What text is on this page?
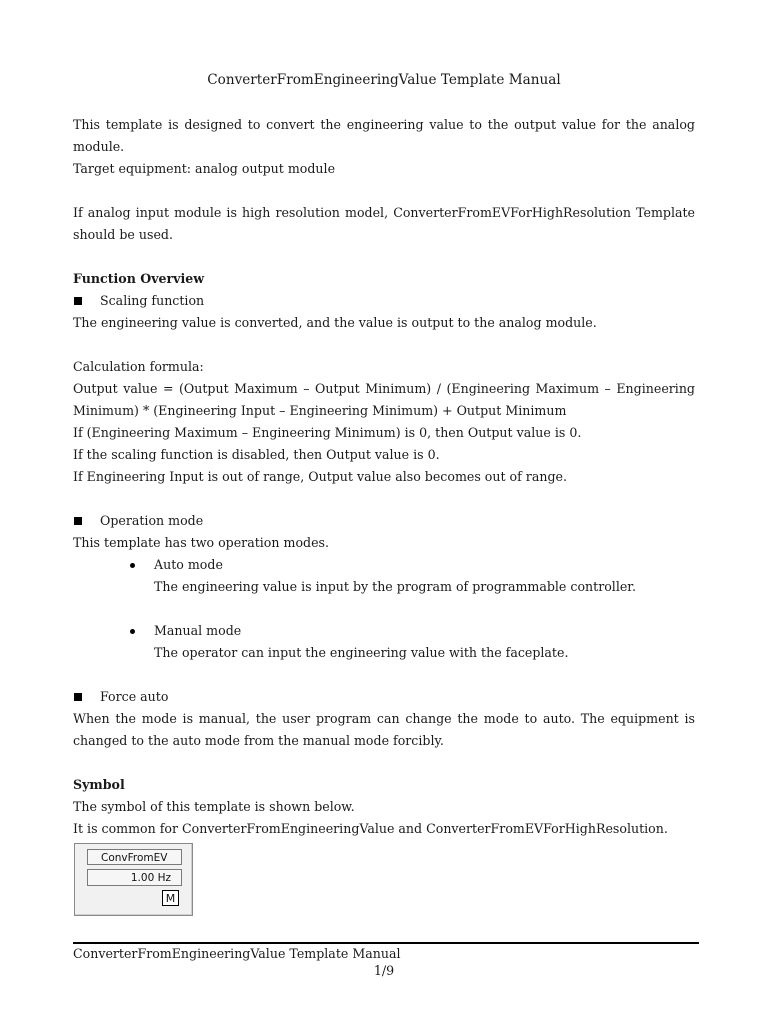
ConverterFromEngineeringValue Template Manual

This template is designed to convert the engineering value to the output value for the analog module.

Target equipment: analog output module

If analog input module is high resolution model, ConverterFromEVForHighResolution Template should be used.

Function Overview

Scaling function

The engineering value is converted, and the value is output to the analog module.

Calculation formula:

Output value = (Output Maximum – Output Minimum) / (Engineering Maximum – Engineering Minimum) * (Engineering Input – Engineering Minimum) + Output Minimum

If (Engineering Maximum – Engineering Minimum) is 0, then Output value is 0.

If the scaling function is disabled, then Output value is 0.

If Engineering Input is out of range, Output value also becomes out of range.

Operation mode

This template has two operation modes.

Auto mode

The engineering value is input by the program of programmable controller.

Manual mode

The operator can input the engineering value with the faceplate.

Force auto

When the mode is manual, the user program can change the mode to auto. The equipment is changed to the auto mode from the manual mode forcibly.

Symbol

The symbol of this template is shown below.

It is common for ConverterFromEngineeringValue and ConverterFromEVForHighResolution.

ConvFromEV
1.00 Hz
M
ConverterFromEngineeringValue Template Manual
1/9
